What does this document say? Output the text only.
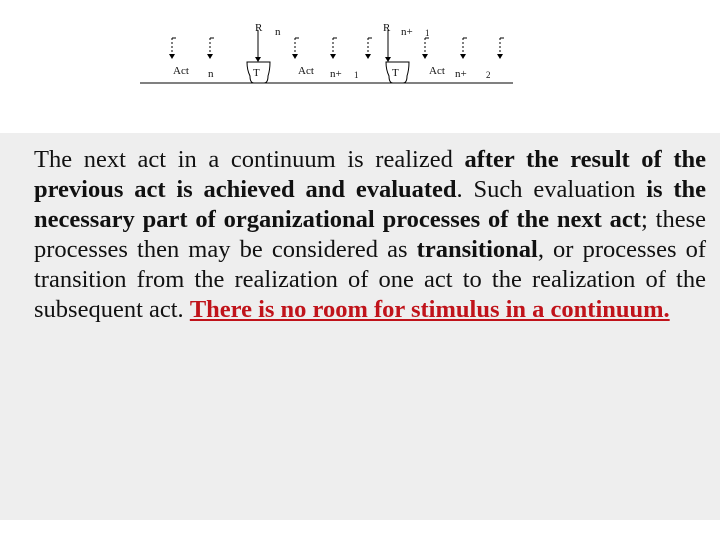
R n	R n+ 1
Act n	T	Act n+ 1	T	Act n+ 2

The next act in a continuum is realized after the result of the previous act is achieved and evaluated. Such evaluation is the necessary part of organizational processes of the next act; these processes then may be considered as transitional, or processes of transition from the realization of one act to the realization of the subsequent act. There is no room for stimulus in a continuum.
